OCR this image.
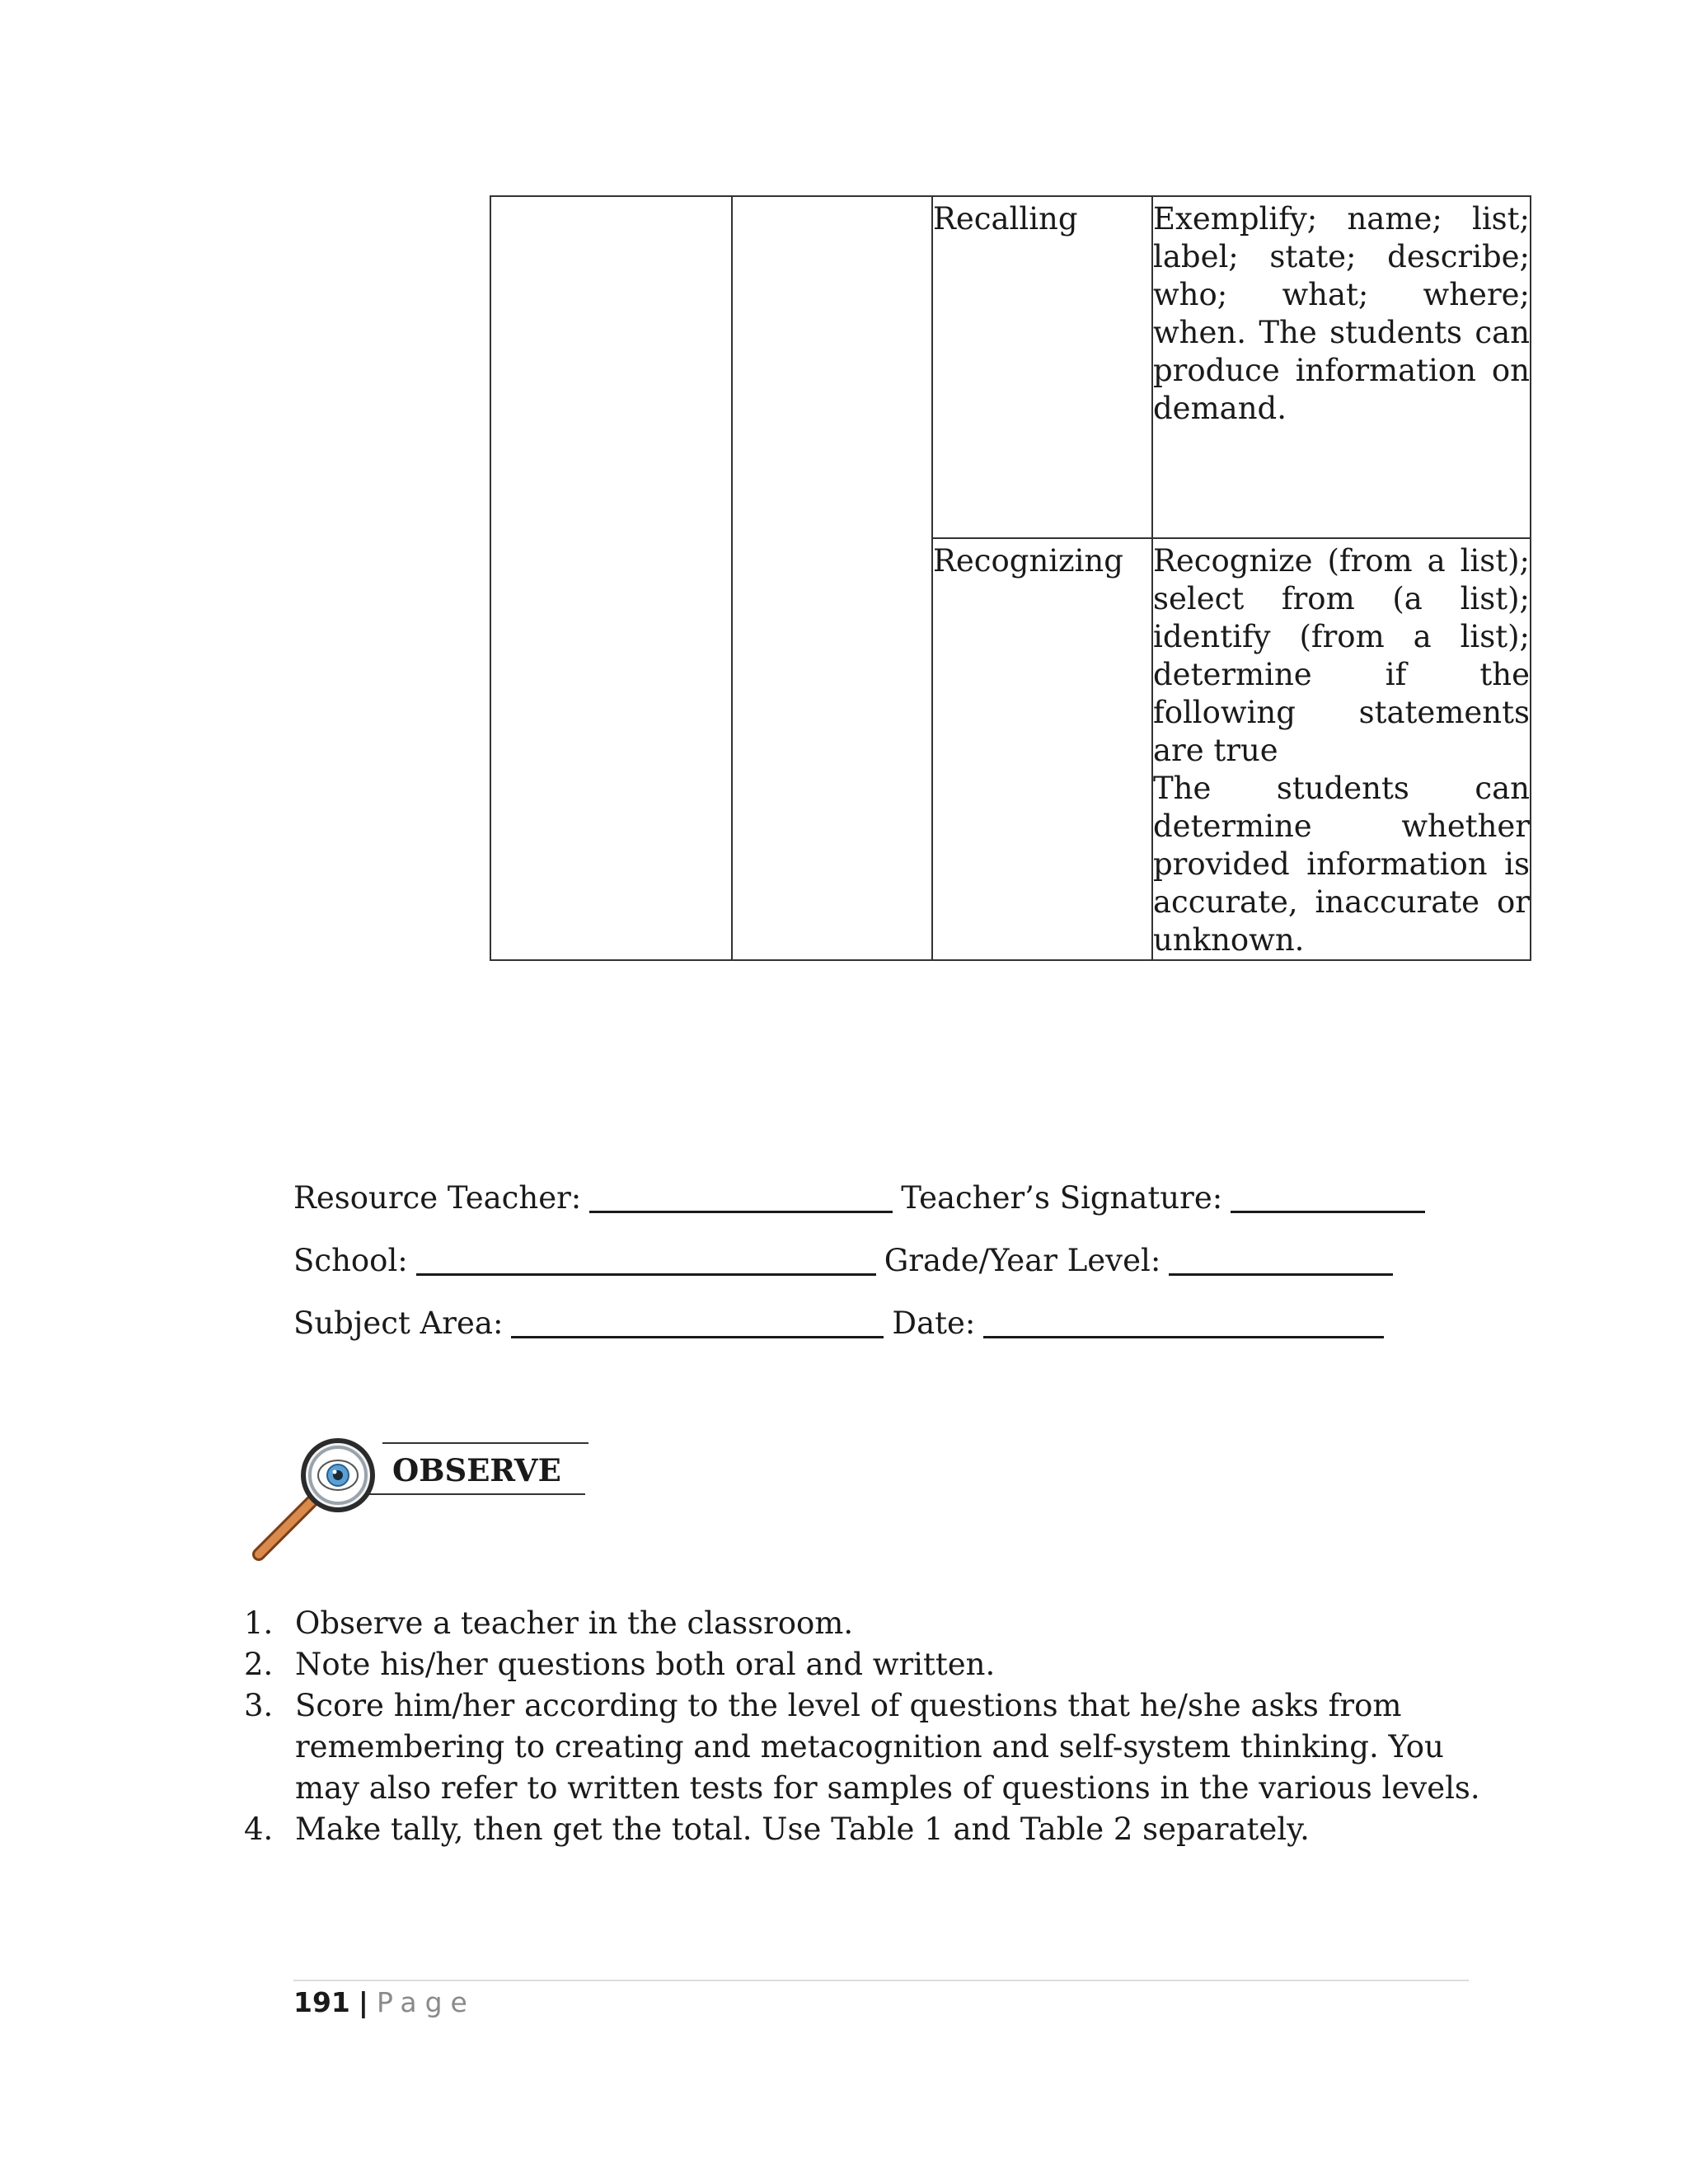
		Recalling	Exemplify; name; list; label; state; describe; who; what; where; when. The students can produce information on demand.

		Recognizing	Recognize (from a list); select from (a list); identify (from a list); determine if the following statements are true

The students can determine whether provided information is accurate, inaccurate or unknown.

Resource Teacher:	Teacher’s Signature:
School:	Grade/Year Level:
Subject Area:	Date:
OBSERVE
1. Observe a teacher in the classroom.
2. Note his/her questions both oral and written.
3. Score him/her according to the level of questions that he/she asks from remembering to creating and metacognition and self-system thinking. You may also refer to written tests for samples of questions in the various levels.
4. Make tally, then get the total. Use Table 1 and Table 2 separately.
191 | Page
